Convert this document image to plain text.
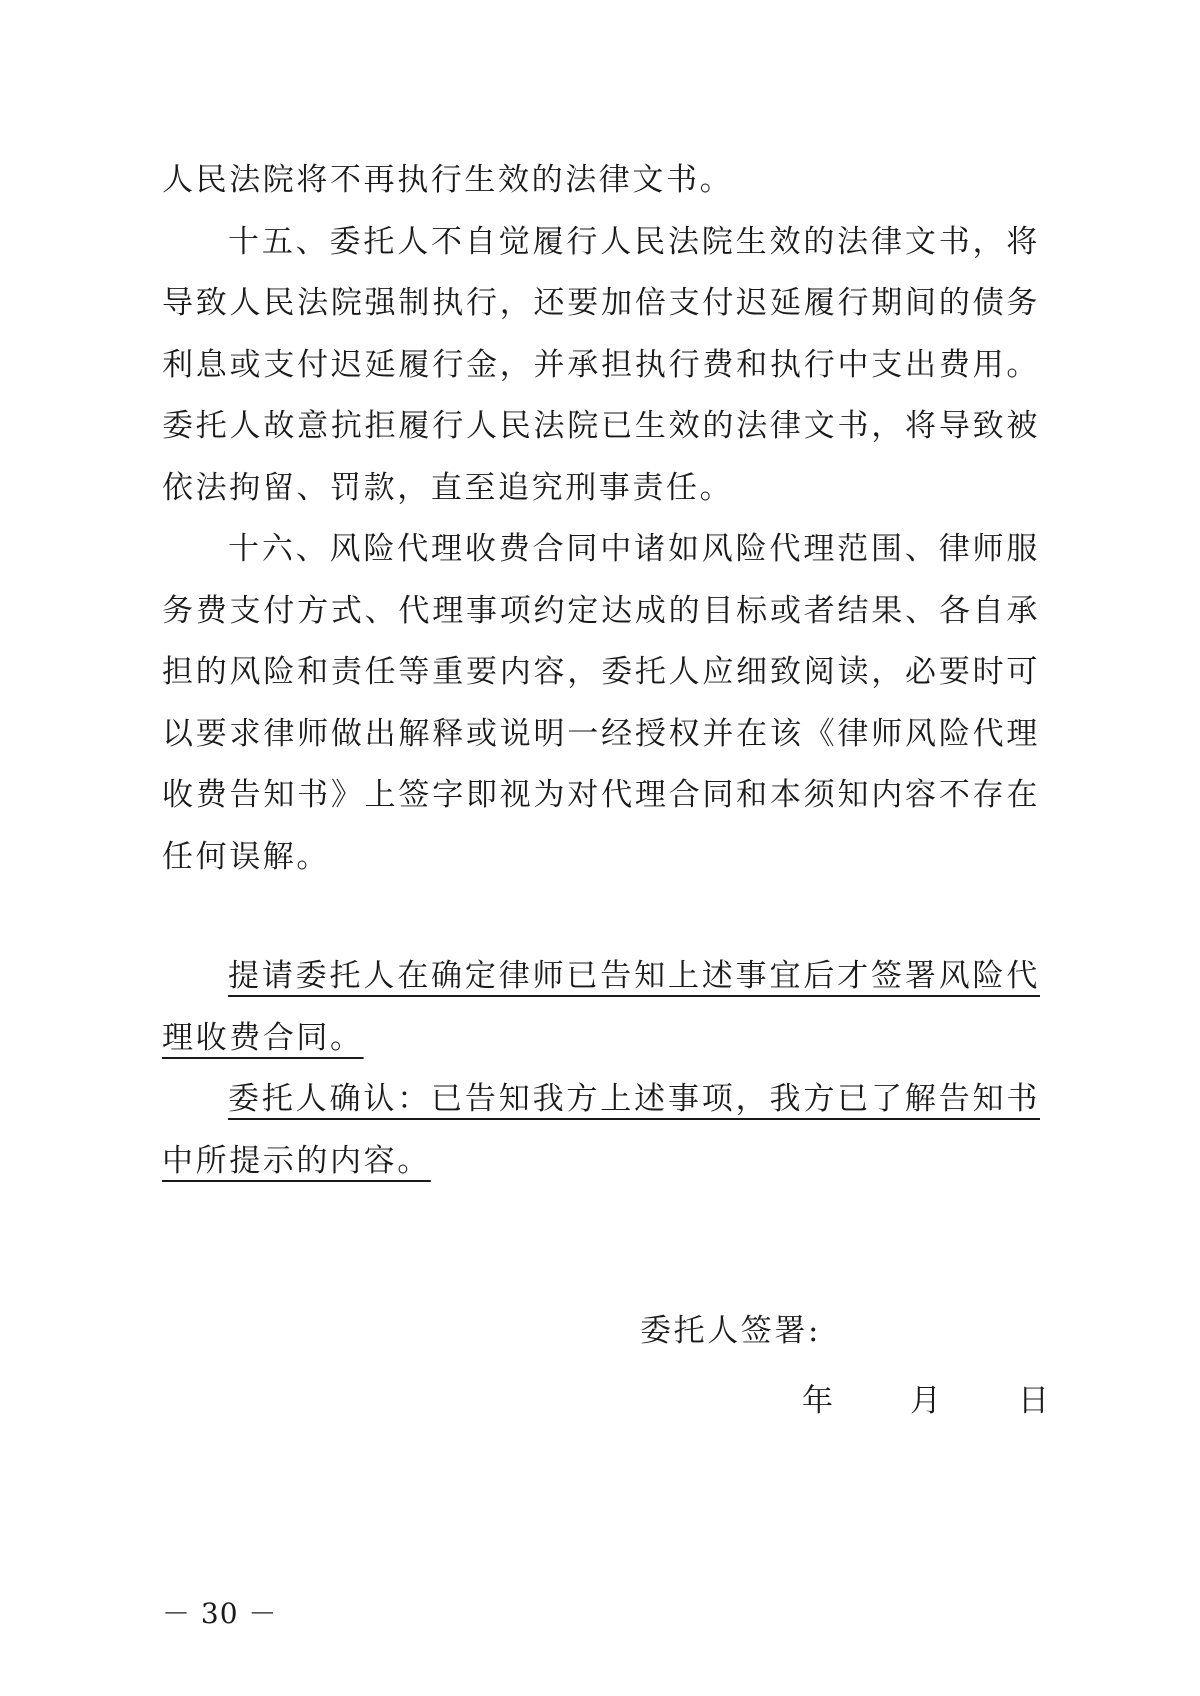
人民法院将不再执行生效的法律文书。

十五、委托人不自觉履行人民法院生效的法律文书，将导致人民法院强制执行，还要加倍支付迟延履行期间的债务利息或支付迟延履行金，并承担执行费和执行中支出费用。委托人故意抗拒履行人民法院已生效的法律文书，将导致被依法拘留、罚款，直至追究刑事责任。

十六、风险代理收费合同中诸如风险代理范围、律师服务费支付方式、代理事项约定达成的目标或者结果、各自承担的风险和责任等重要内容，委托人应细致阅读，必要时可以要求律师做出解释或说明一经授权并在该《律师风险代理收费告知书》上签字即视为对代理合同和本须知内容不存在任何误解。

提请委托人在确定律师已告知上述事宜后才签署风险代理收费合同。

委托人确认：已告知我方上述事项，我方已了解告知书中所提示的内容。

委托人签署:
年 月 日
－ 30 －
